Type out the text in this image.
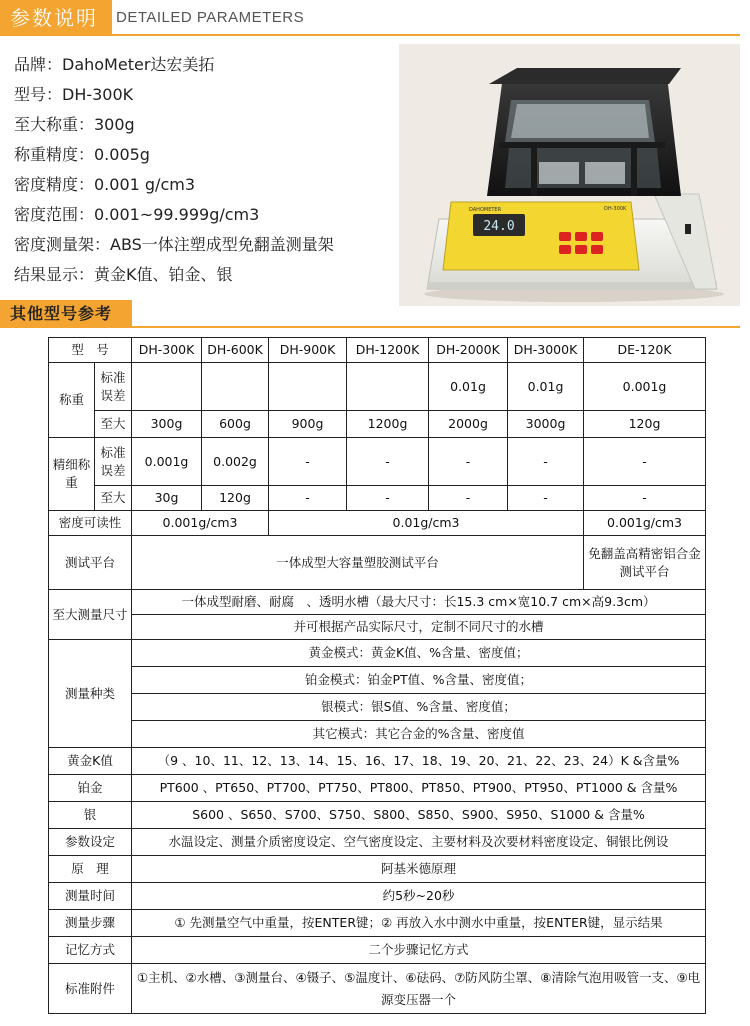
参数说明	DETAILED PARAMETERS
品牌：DahoMeter达宏美拓
型号：DH-300K
至大称重：300g
称重精度：0.005g
密度精度：0.001 g/cm3
密度范围：0.001~99.999g/cm3
密度测量架：ABS一体注塑成型免翻盖测量架
结果显示：黄金K值、铂金、银
24.0
DAHOMETER	DH-300K
其他型号参考
型　号		DH-300K	DH-600K	DH-900K	DH-1200K	DH-2000K	DH-3000K	DE-120K
称重	标准误差					0.01g	0.01g	0.001g
	至大	300g	600g	900g	1200g	2000g	3000g	120g
精细称重	标准误差	0.001g	0.002g	-	-	-	-	-
	至大	30g	120g	-	-	-	-	-
密度可读性		0.001g/cm3		0.01g/cm3				0.001g/cm3
测试平台		一体成型大容量塑胶测试平台						免翻盖高精密铝合金测试平台
至大测量尺寸		一体成型耐磨、耐腐　、透明水槽（最大尺寸：长15.3 cm×宽10.7 cm×高9.3cm）						
		并可根据产品实际尺寸，定制不同尺寸的水槽						
测量种类		黄金模式：黄金K值、%含量、密度值；						
		铂金模式：铂金PT值、%含量、密度值；						
		银模式：银S值、%含量、密度值；						
		其它模式：其它合金的%含量、密度值						
黄金K值		（9 、10、11、12、13、14、15、16、17、18、19、20、21、22、23、24）K &含量%						
铂金		PT600 、PT650、PT700、PT750、PT800、PT850、PT900、PT950、PT1000 & 含量%						
银		S600 、S650、S700、S750、S800、S850、S900、S950、S1000 & 含量%						
参数设定		水温设定、测量介质密度设定、空气密度设定、主要材料及次要材料密度设定、铜银比例设						
原　理		阿基米德原理						
测量时间		约5秒~20秒						
测量步骤		① 先测量空气中重量，按ENTER键；② 再放入水中测水中重量，按ENTER键，显示结果						
记忆方式		二个步骤记忆方式						
标准附件		①主机、②水槽、③测量台、④镊子、⑤温度计、⑥砝码、⑦防风防尘罩、⑧清除气泡用吸管一支、⑨电源变压器一个						
